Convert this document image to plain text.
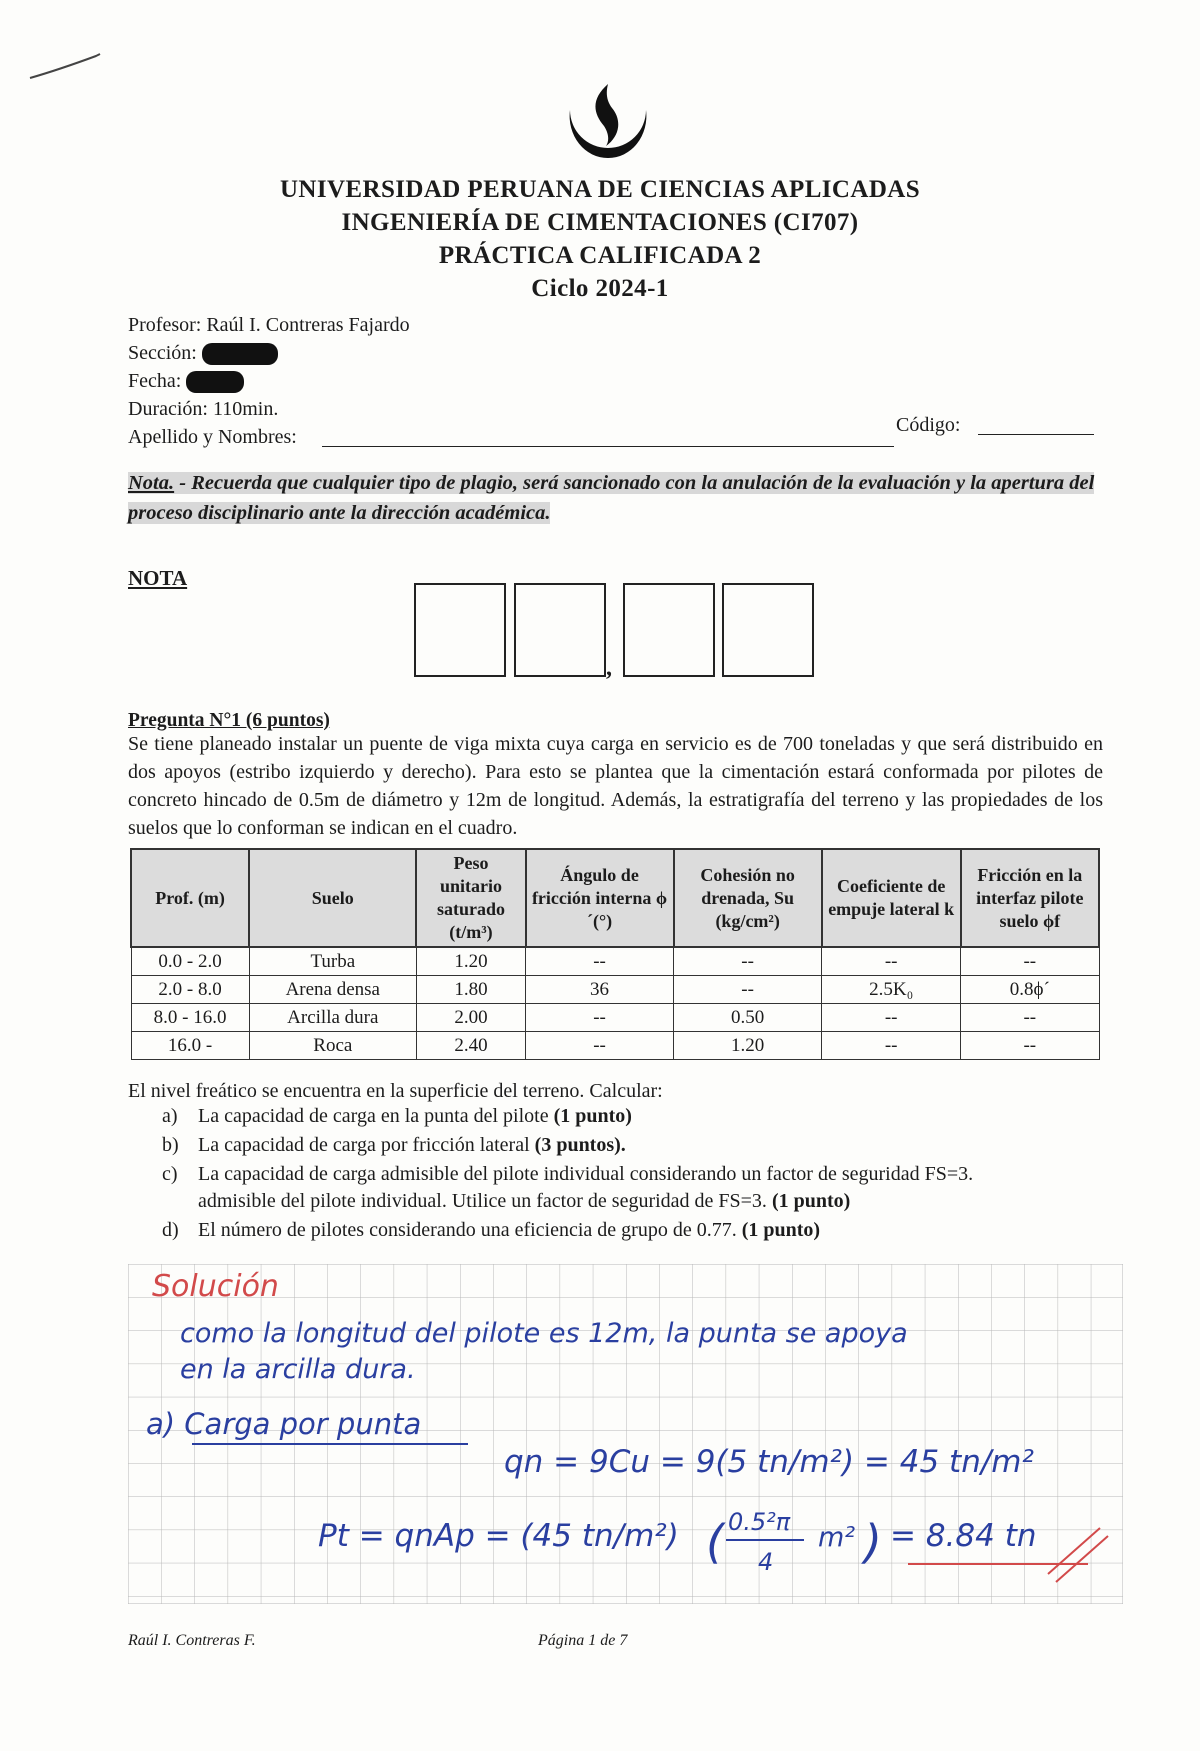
UNIVERSIDAD PERUANA DE CIENCIAS APLICADAS
INGENIERÍA DE CIMENTACIONES (CI707)
PRÁCTICA CALIFICADA 2
Ciclo 2024-1
Profesor: Raúl I. Contreras Fajardo
Sección:
Fecha:
Duración: 110min.
Apellido y Nombres:
Código:
Nota. - Recuerda que cualquier tipo de plagio, será sancionado con la anulación de la evaluación y la apertura del proceso disciplinario ante la dirección académica.
NOTA
,
Pregunta N°1 (6 puntos)
Se tiene planeado instalar un puente de viga mixta cuya carga en servicio es de 700 toneladas y que será distribuido en dos apoyos (estribo izquierdo y derecho). Para esto se plantea que la cimentación estará conformada por pilotes de concreto hincado de 0.5m de diámetro y 12m de longitud. Además, la estratigrafía del terreno y las propiedades de los suelos que lo conforman se indican en el cuadro.
Prof. (m)	Suelo	Peso unitario saturado (t/m³)	Ángulo de fricción interna ϕ´(°)	Cohesión no drenada, Su (kg/cm²)	Coeficiente de empuje lateral k	Fricción en la interfaz pilote suelo ϕf
0.0 - 2.0	Turba	1.20	--	--	--	--
2.0 - 8.0	Arena densa	1.80	36	--	2.5K₀	0.8ϕ´
8.0 - 16.0	Arcilla dura	2.00	--	0.50	--	--
16.0 -	Roca	2.40	--	1.20	--	--
El nivel freático se encuentra en la superficie del terreno. Calcular:
a) La capacidad de carga en la punta del pilote (1 punto)
b) La capacidad de carga por fricción lateral (3 puntos).
c) La capacidad de carga admisible del pilote individual considerando un factor de seguridad FS=3.
admisible del pilote individual. Utilice un factor de seguridad de FS=3. (1 punto)
d) El número de pilotes considerando una eficiencia de grupo de 0.77. (1 punto)
Solución
como la longitud del pilote es 12m, la punta se apoya
en la arcilla dura.
a) Carga por punta
qn = 9Cu = 9(5 tn/m²) = 45 tn/m²
Pt = qnAp = (45 tn/m²) ( 0.5²π
4
m² ) = 8.84 tn
Raúl I. Contreras F.	Página 1 de 7
